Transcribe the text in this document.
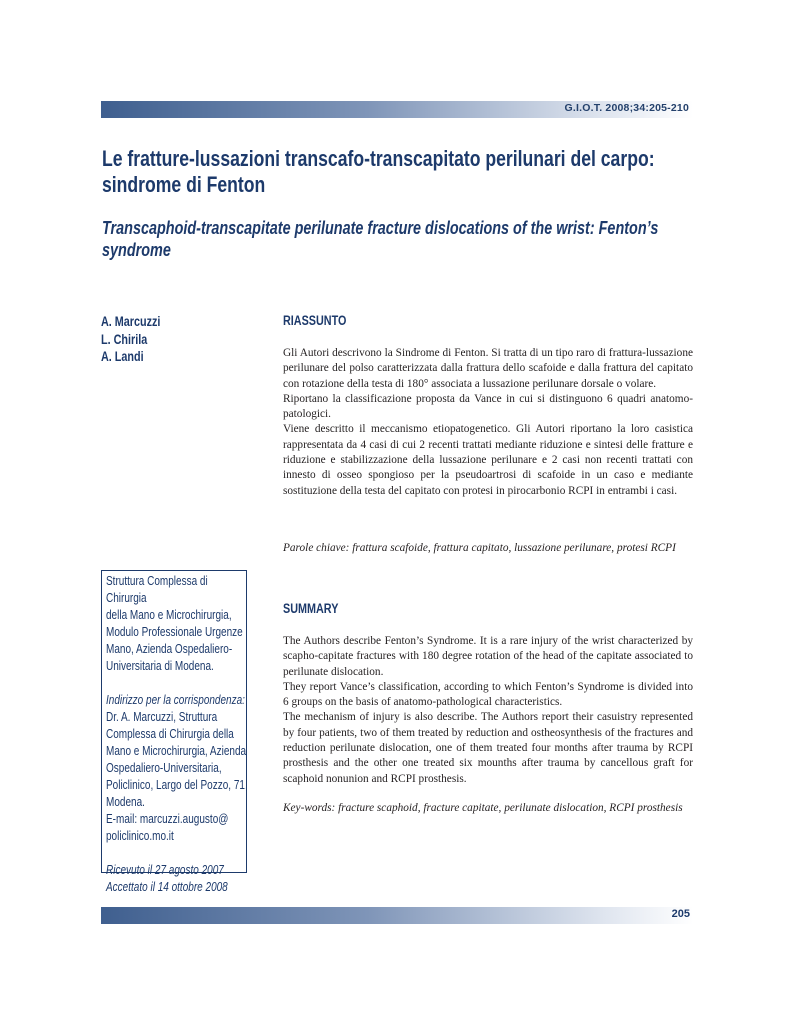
G.I.O.T. 2008;34:205-210
Le fratture-lussazioni transcafo-transcapitato perilunari del carpo:
sindrome di Fenton
Transcaphoid-transcapitate perilunate fracture dislocations of the wrist: Fenton’s syndrome
A. Marcuzzi
L. Chirila
A. Landi
RIASSUNTO

Gli Autori descrivono la Sindrome di Fenton. Si tratta di un tipo raro di frattura-lussazione perilunare del polso caratterizzata dalla frattura dello scafoide e dalla frattura del capitato con rotazione della testa di 180° associata a lussazione perilunare dorsale o volare.

Riportano la classificazione proposta da Vance in cui si distinguono 6 quadri anatomo-patologici.

Viene descritto il meccanismo etiopatogenetico. Gli Autori riportano la loro casistica rappresentata da 4 casi di cui 2 recenti trattati mediante riduzione e sintesi delle fratture e riduzione e stabilizzazione della lussazione perilunare e 2 casi non recenti trattati con innesto di osseo spongioso per la pseudoartrosi di scafoide in un caso e mediante sostituzione della testa del capitato con protesi in pirocarbonio RCPI in entrambi i casi.

Parole chiave: frattura scafoide, frattura capitato, lussazione perilunare, protesi RCPI

SUMMARY

The Authors describe Fenton’s Syndrome. It is a rare injury of the wrist characterized by scapho-capitate fractures with 180 degree rotation of the head of the capitate associated to perilunate dislocation.

They report Vance’s classification, according to which Fenton’s Syndrome is divided into 6 groups on the basis of anatomo-pathological characteristics.

The mechanism of injury is also describe. The Authors report their casuistry represented by four patients, two of them treated by reduction and ostheosynthesis of the fractures and reduction perilunate dislocation, one of them treated four months after trauma by RCPI prosthesis and the other one treated six mounths after trauma by cancellous graft for scaphoid nonunion and RCPI prosthesis.

Key-words: fracture scaphoid, fracture capitate, perilunate dislocation, RCPI prosthesis

Struttura Complessa di Chirurgia

della Mano e Microchirurgia,

Modulo Professionale Urgenze

Mano, Azienda Ospedaliero-

Universitaria di Modena.

Indirizzo per la corrispondenza:

Dr. A. Marcuzzi, Struttura

Complessa di Chirurgia della

Mano e Microchirurgia, Azienda

Ospedaliero-Universitaria,

Policlinico, Largo del Pozzo, 71,

Modena.

E-mail: marcuzzi.augusto@

policlinico.mo.it

Ricevuto il 27 agosto 2007

Accettato il 14 ottobre 2008

205
